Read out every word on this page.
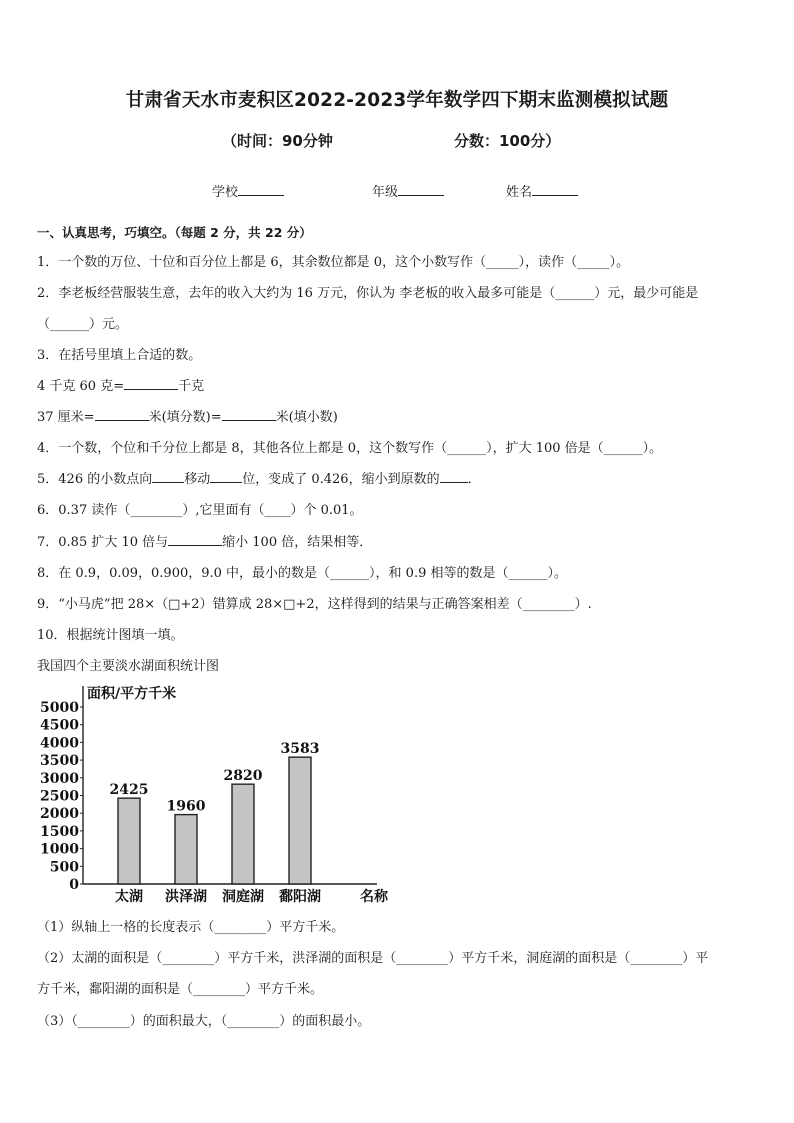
甘肃省天水市麦积区2022-2023学年数学四下期末监测模拟试题
（时间：90分钟	分数：100分）
学校	年级	姓名
一、认真思考，巧填空。（每题 2 分，共 22 分）
1．一个数的万位、十位和百分位上都是 6，其余数位都是 0，这个小数写作（_____），读作（_____）。
2．李老板经营服装生意，去年的收入大约为 16 万元，你认为 李老板的收入最多可能是（______）元，最少可能是
（______）元。
3．在括号里填上合适的数。
4 千克 60 克=	千克
37 厘米=	米(填分数)=	米(填小数)
4．一个数，个位和千分位上都是 8，其他各位上都是 0，这个数写作（______），扩大 100 倍是（______）。
5．426 的小数点向 移动 位，变成了 0.426，缩小到原数的 ．
6．0.37 读作（________）,它里面有（____）个 0.01。
7．0.85 扩大 10 倍与	缩小 100 倍，结果相等．
8．在 0.9，0.09，0.900，9.0 中，最小的数是（______），和 0.9 相等的数是（______）。
9．“小马虎”把 28×（□+2）错算成 28×□+2，这样得到的结果与正确答案相差（________）.
10．根据统计图填一填。
我国四个主要淡水湖面积统计图
0
500
1000
1500
2000
2500
3000
3500
4000
4500
5000
面积/平方千米
2425
太湖
1960
洪泽湖
2820
洞庭湖
3583
鄱阳湖	名称
（1）纵轴上一格的长度表示（________）平方千米。
（2）太湖的面积是（________）平方千米，洪泽湖的面积是（________）平方千米，洞庭湖的面积是（________）平
方千米，鄱阳湖的面积是（________）平方千米。
（3）（________）的面积最大，（________）的面积最小。
